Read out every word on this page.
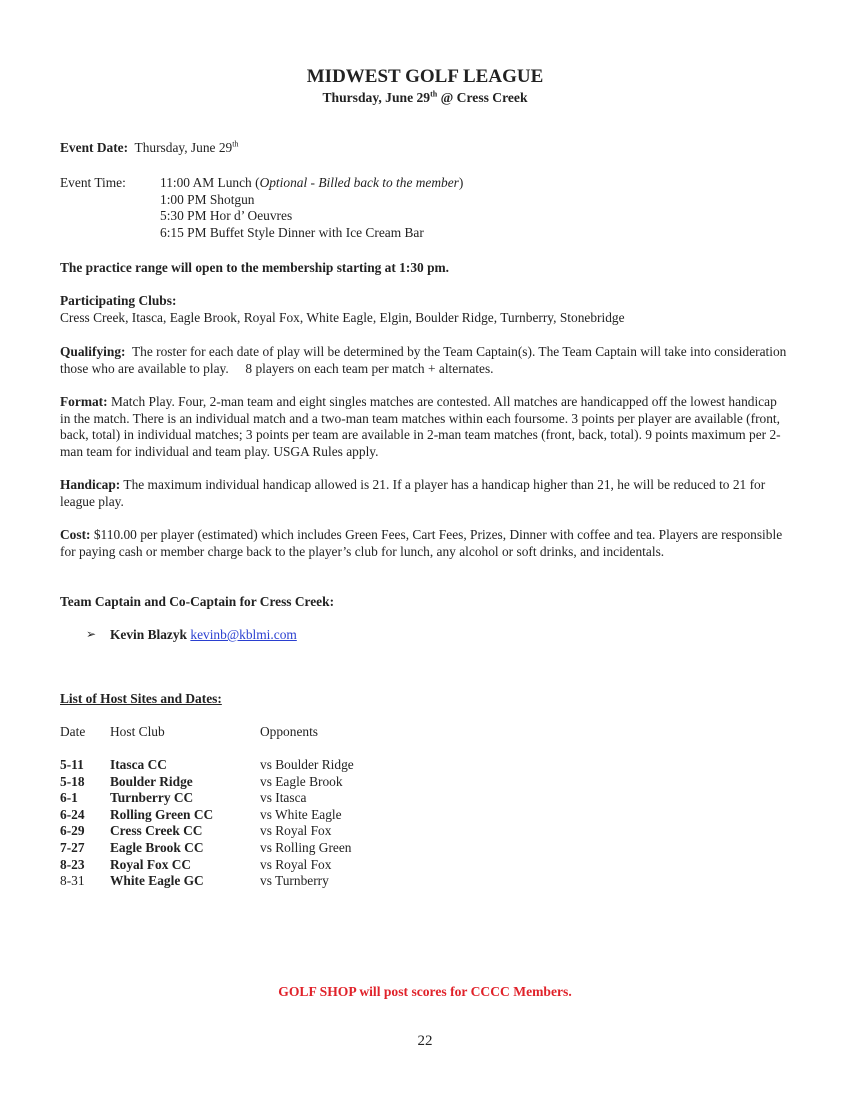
MIDWEST GOLF LEAGUE
Thursday, June 29th @ Cress Creek
Event Date: Thursday, June 29th
Event Time:	11:00 AM Lunch (Optional - Billed back to the member)
1:00 PM Shotgun
5:30 PM Hor d’ Oeuvres
6:15 PM Buffet Style Dinner with Ice Cream Bar
The practice range will open to the membership starting at 1:30 pm.
Participating Clubs:
Cress Creek, Itasca, Eagle Brook, Royal Fox, White Eagle, Elgin, Boulder Ridge, Turnberry, Stonebridge
Qualifying: The roster for each date of play will be determined by the Team Captain(s). The Team Captain will take into consideration those who are available to play.     8 players on each team per match + alternates.
Format: Match Play. Four, 2-man team and eight singles matches are contested. All matches are handicapped off the lowest handicap in the match. There is an individual match and a two-man team matches within each foursome. 3 points per player are available (front, back, total) in individual matches; 3 points per team are available in 2-man team matches (front, back, total). 9 points maximum per 2-man team for individual and team play. USGA Rules apply.
Handicap: The maximum individual handicap allowed is 21. If a player has a handicap higher than 21, he will be reduced to 21 for league play.
Cost: $110.00 per player (estimated) which includes Green Fees, Cart Fees, Prizes, Dinner with coffee and tea. Players are responsible for paying cash or member charge back to the player’s club for lunch, any alcohol or soft drinks, and incidentals.
Team Captain and Co-Captain for Cress Creek:
➢ Kevin Blazyk kevinb@kblmi.com
List of Host Sites and Dates:
Date Host Club	Opponents
5-11 Itasca CC	vs Boulder Ridge
5-18 Boulder Ridge	vs Eagle Brook
6-1 Turnberry CC	vs Itasca
6-24 Rolling Green CC	vs White Eagle
6-29 Cress Creek CC	vs Royal Fox
7-27 Eagle Brook CC	vs Rolling Green
8-23 Royal Fox CC	vs Royal Fox
8-31 White Eagle GC	vs Turnberry
GOLF SHOP will post scores for CCCC Members.
22
